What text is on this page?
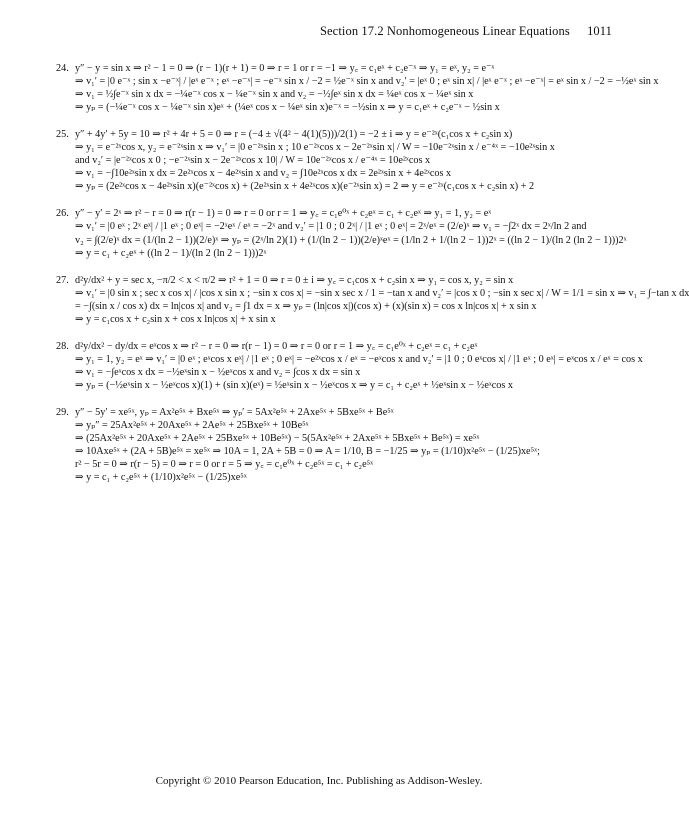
Section 17.2 Nonhomogeneous Linear Equations 1011
24. y″ − y = sin x ⇒ r² − 1 = 0 ⇒ (r − 1)(r + 1) = 0 ⇒ r = 1 or r = −1 ⇒ y꜀ = c₁eˣ + c₂e⁻ˣ ⇒ y₁ = eˣ, y₂ = e⁻ˣ
⇒ v₁′ = |0 e⁻ˣ ; sin x −e⁻ˣ| / |eˣ e⁻ˣ ; eˣ −e⁻ˣ| = −e⁻ˣ sin x / −2 = ½e⁻ˣ sin x and v₂′ = |eˣ 0 ; eˣ sin x| / |eˣ e⁻ˣ ; eˣ −e⁻ˣ| = eˣ sin x / −2 = −½eˣ sin x
⇒ v₁ = ½∫e⁻ˣ sin x dx = −¼e⁻ˣ cos x − ¼e⁻ˣ sin x and v₂ = −½∫eˣ sin x dx = ¼eˣ cos x − ¼eˣ sin x
⇒ yₚ = (−¼e⁻ˣ cos x − ¼e⁻ˣ sin x)eˣ + (¼eˣ cos x − ¼eˣ sin x)e⁻ˣ = −½sin x ⇒ y = c₁eˣ + c₂e⁻ˣ − ½sin x
25. y″ + 4y′ + 5y = 10 ⇒ r² + 4r + 5 = 0 ⇒ r = (−4 ± √(4² − 4(1)(5)))/2(1) = −2 ± i ⇒ y = e⁻²ˣ(c₁cos x + c₂sin x)
⇒ y₁ = e⁻²ˣcos x, y₂ = e⁻²ˣsin x ⇒ v₁′ = |0 e⁻²ˣsin x ; 10 e⁻²ˣcos x − 2e⁻²ˣsin x| / W = −10e⁻²ˣsin x / e⁻⁴ˣ = −10e²ˣsin x
and v₂′ = |e⁻²ˣcos x 0 ; −e⁻²ˣsin x − 2e⁻²ˣcos x 10| / W = 10e⁻²ˣcos x / e⁻⁴ˣ = 10e²ˣcos x
⇒ v₁ = −∫10e²ˣsin x dx = 2e²ˣcos x − 4e²ˣsin x and v₂ = ∫10e²ˣcos x dx = 2e²ˣsin x + 4e²ˣcos x
⇒ yₚ = (2e²ˣcos x − 4e²ˣsin x)(e⁻²ˣcos x) + (2e²ˣsin x + 4e²ˣcos x)(e⁻²ˣsin x) = 2 ⇒ y = e⁻²ˣ(c₁cos x + c₂sin x) + 2
26. y″ − y′ = 2ˣ ⇒ r² − r = 0 ⇒ r(r − 1) = 0 ⇒ r = 0 or r = 1 ⇒ y꜀ = c₁e⁰ˣ + c₂eˣ = c₁ + c₂eˣ ⇒ y₁ = 1, y₂ = eˣ
⇒ v₁′ = |0 eˣ ; 2ˣ eˣ| / |1 eˣ ; 0 eˣ| = −2ˣeˣ / eˣ = −2ˣ and v₂′ = |1 0 ; 0 2ˣ| / |1 eˣ ; 0 eˣ| = 2ˣ/eˣ = (2/e)ˣ ⇒ v₁ = −∫2ˣ dx = 2ˣ/ln 2 and
v₂ = ∫(2/e)ˣ dx = (1/(ln 2 − 1))(2/e)ˣ ⇒ yₚ = (2ˣ/ln 2)(1) + (1/(ln 2 − 1))(2/e)ˣeˣ = (1/ln 2 + 1/(ln 2 − 1))2ˣ = ((ln 2 − 1)/(ln 2 (ln 2 − 1)))2ˣ
⇒ y = c₁ + c₂eˣ + ((ln 2 − 1)/(ln 2 (ln 2 − 1)))2ˣ
27. d²y/dx² + y = sec x, −π/2 < x < π/2 ⇒ r² + 1 = 0 ⇒ r = 0 ± i ⇒ y꜀ = c₁cos x + c₂sin x ⇒ y₁ = cos x, y₂ = sin x
⇒ v₁′ = |0 sin x ; sec x cos x| / |cos x sin x ; −sin x cos x| = −sin x sec x / 1 = −tan x and v₂′ = |cos x 0 ; −sin x sec x| / W = 1/1 = sin x ⇒ v₁ = ∫−tan x dx
= −∫(sin x / cos x) dx = ln|cos x| and v₂ = ∫1 dx = x ⇒ yₚ = (ln|cos x|)(cos x) + (x)(sin x) = cos x ln|cos x| + x sin x
⇒ y = c₁cos x + c₂sin x + cos x ln|cos x| + x sin x
28. d²y/dx² − dy/dx = eˣcos x ⇒ r² − r = 0 ⇒ r(r − 1) = 0 ⇒ r = 0 or r = 1 ⇒ y꜀ = c₁e⁰ˣ + c₂eˣ = c₁ + c₂eˣ
⇒ y₁ = 1, y₂ = eˣ ⇒ v₁′ = |0 eˣ ; eˣcos x eˣ| / |1 eˣ ; 0 eˣ| = −e²ˣcos x / eˣ = −eˣcos x and v₂′ = |1 0 ; 0 eˣcos x| / |1 eˣ ; 0 eˣ| = eˣcos x / eˣ = cos x
⇒ v₁ = −∫eˣcos x dx = −½eˣsin x − ½eˣcos x and v₂ = ∫cos x dx = sin x
⇒ yₚ = (−½eˣsin x − ½eˣcos x)(1) + (sin x)(eˣ) = ½eˣsin x − ½eˣcos x ⇒ y = c₁ + c₂eˣ + ½eˣsin x − ½eˣcos x
29. y″ − 5y′ = xe⁵ˣ, yₚ = Ax²e⁵ˣ + Bxe⁵ˣ ⇒ yₚ′ = 5Ax²e⁵ˣ + 2Axe⁵ˣ + 5Bxe⁵ˣ + Be⁵ˣ
⇒ yₚ″ = 25Ax²e⁵ˣ + 20Axe⁵ˣ + 2Ae⁵ˣ + 25Bxe⁵ˣ + 10Be⁵ˣ
⇒ (25Ax²e⁵ˣ + 20Axe⁵ˣ + 2Ae⁵ˣ + 25Bxe⁵ˣ + 10Be⁵ˣ) − 5(5Ax²e⁵ˣ + 2Axe⁵ˣ + 5Bxe⁵ˣ + Be⁵ˣ) = xe⁵ˣ
⇒ 10Axe⁵ˣ + (2A + 5B)e⁵ˣ = xe⁵ˣ ⇒ 10A = 1, 2A + 5B = 0 ⇒ A = 1/10, B = −1/25 ⇒ yₚ = (1/10)x²e⁵ˣ − (1/25)xe⁵ˣ;
r² − 5r = 0 ⇒ r(r − 5) = 0 ⇒ r = 0 or r = 5 ⇒ y꜀ = c₁e⁰ˣ + c₂e⁵ˣ = c₁ + c₂e⁵ˣ
⇒ y = c₁ + c₂e⁵ˣ + (1/10)x²e⁵ˣ − (1/25)xe⁵ˣ
Copyright © 2010 Pearson Education, Inc. Publishing as Addison-Wesley.
